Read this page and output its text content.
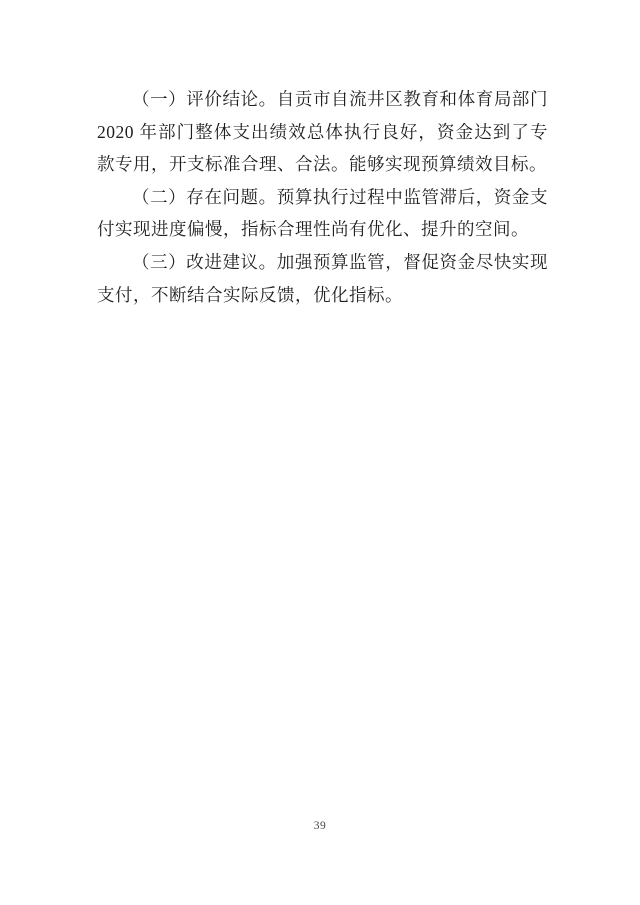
（一）评价结论。自贡市自流井区教育和体育局部门2020 年部门整体支出绩效总体执行良好，资金达到了专款专用，开支标准合理、合法。能够实现预算绩效目标。

（二）存在问题。预算执行过程中监管滞后，资金支付实现进度偏慢，指标合理性尚有优化、提升的空间。

（三）改进建议。加强预算监管，督促资金尽快实现支付，不断结合实际反馈，优化指标。

39
